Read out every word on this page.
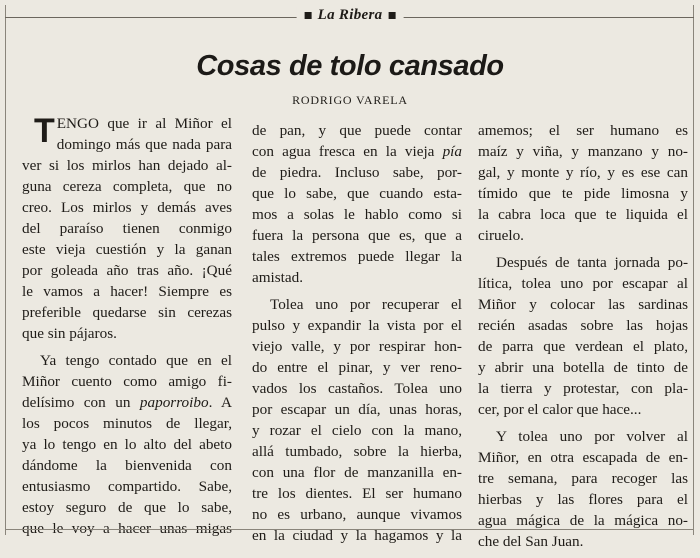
La Ribera
Cosas de tolo cansado
RODRIGO VARELA
T ENGO que ir al Miñor el
domingo más que nada para
ver si los mirlos han dejado al-
guna cereza completa, que no
creo. Los mirlos y demás aves
del paraíso tienen conmigo
este vieja cuestión y la ganan
por goleada año tras año. ¡Qué
le vamos a hacer! Siempre es
preferible quedarse sin cerezas
que sin pájaros.
Ya tengo contado que en el
Miñor cuento como amigo fi-
delísimo con un paporroibo. A
los pocos minutos de llegar,
ya lo tengo en lo alto del abeto
dándome la bienvenida con
entusiasmo compartido. Sabe,
estoy seguro de que lo sabe,
que le voy a hacer unas migas
de pan, y que puede contar
con agua fresca en la vieja pía
de piedra. Incluso sabe, por-
que lo sabe, que cuando esta-
mos a solas le hablo como si
fuera la persona que es, que a
tales extremos puede llegar la
amistad.
Tolea uno por recuperar el
pulso y expandir la vista por el
viejo valle, y por respirar hon-
do entre el pinar, y ver reno-
vados los castaños. Tolea uno
por escapar un día, unas horas,
y rozar el cielo con la mano,
allá tumbado, sobre la hierba,
con una flor de manzanilla en-
tre los dientes. El ser humano
no es urbano, aunque vivamos
en la ciudad y la hagamos y la
amemos; el ser humano es
maíz y viña, y manzano y no-
gal, y monte y río, y es ese can
tímido que te pide limosna y
la cabra loca que te liquida el
ciruelo.
Después de tanta jornada po-
lítica, tolea uno por escapar al
Miñor y colocar las sardinas
recién asadas sobre las hojas
de parra que verdean el plato,
y abrir una botella de tinto de
la tierra y protestar, con pla-
cer, por el calor que hace...
Y tolea uno por volver al
Miñor, en otra escapada de en-
tre semana, para recoger las
hierbas y las flores para el
agua mágica de la mágica no-
che del San Juan.
